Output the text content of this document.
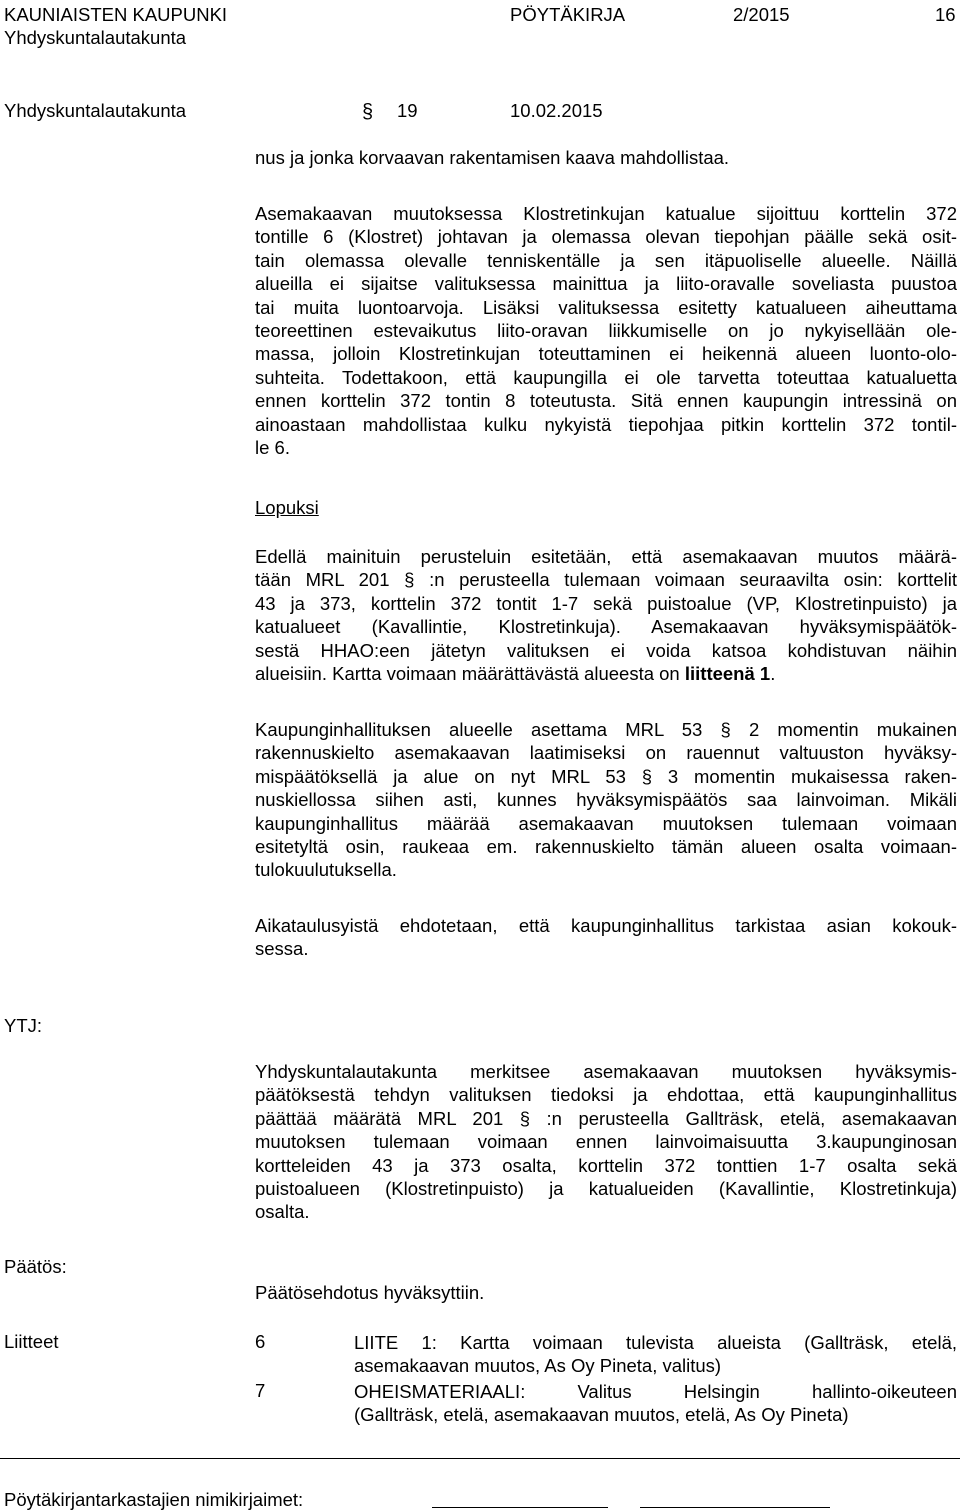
KAUNIAISTEN KAUPUNKI
Yhdyskuntalautakunta
PÖYTÄKIRJA	2/2015	16
Yhdyskuntalautakunta	§ 19	10.02.2015
nus ja jonka korvaavan rakentamisen kaava mahdollistaa.
Asemakaavan muutoksessa Klostretinkujan katualue sijoittuu korttelin 372
tontille 6 (Klostret) johtavan ja olemassa olevan tiepohjan päälle sekä osit-
tain olemassa olevalle tenniskentälle ja sen itäpuoliselle alueelle. Näillä
alueilla ei sijaitse valituksessa mainittua ja liito-oravalle soveliasta puustoa
tai muita luontoarvoja. Lisäksi valituksessa esitetty katualueen aiheuttama
teoreettinen estevaikutus liito-oravan liikkumiselle on jo nykyisellään ole-
massa, jolloin Klostretinkujan toteuttaminen ei heikennä alueen luonto-olo-
suhteita. Todettakoon, että kaupungilla ei ole tarvetta toteuttaa katualuetta
ennen korttelin 372 tontin 8 toteutusta. Sitä ennen kaupungin intressinä on
ainoastaan mahdollistaa kulku nykyistä tiepohjaa pitkin korttelin 372 tontil-
le 6.
Lopuksi
Edellä mainituin perusteluin esitetään, että asemakaavan muutos määrä-
tään MRL 201 § :n perusteella tulemaan voimaan seuraavilta osin: korttelit
43 ja 373, korttelin 372 tontit 1-7 sekä puistoalue (VP, Klostretinpuisto) ja
katualueet (Kavallintie, Klostretinkuja). Asemakaavan hyväksymispäätök-
sestä HHAO:een jätetyn valituksen ei voida katsoa kohdistuvan näihin
alueisiin. Kartta voimaan määrättävästä alueesta on liitteenä 1.
Kaupunginhallituksen alueelle asettama MRL 53 § 2 momentin mukainen
rakennuskielto asemakaavan laatimiseksi on rauennut valtuuston hyväksy-
mispäätöksellä ja alue on nyt MRL 53 § 3 momentin mukaisessa raken-
nuskiellossa siihen asti, kunnes hyväksymispäätös saa lainvoiman. Mikäli
kaupunginhallitus määrää asemakaavan muutoksen tulemaan voimaan
esitetyltä osin, raukeaa em. rakennuskielto tämän alueen osalta voimaan-
tulokuulutuksella.
Aikataulusyistä ehdotetaan, että kaupunginhallitus tarkistaa asian kokouk-
sessa.
YTJ:
Yhdyskuntalautakunta merkitsee asemakaavan muutoksen hyväksymis-
päätöksestä tehdyn valituksen tiedoksi ja ehdottaa, että kaupunginhallitus
päättää määrätä MRL 201 § :n perusteella Gallträsk, etelä, asemakaavan
muutoksen tulemaan voimaan ennen lainvoimaisuutta 3.kaupunginosan
kortteleiden 43 ja 373 osalta, korttelin 372 tonttien 1-7 osalta sekä
puistoalueen (Klostretinpuisto) ja katualueiden (Kavallintie, Klostretinkuja)
osalta.
Päätös:
Päätösehdotus hyväksyttiin.
Liitteet	6	LIITE 1: Kartta voimaan tulevista alueista (Gallträsk, etelä,
asemakaavan muutos, As Oy Pineta, valitus)
7	OHEISMATERIAALI: Valitus Helsingin hallinto-oikeuteen
(Gallträsk, etelä, asemakaavan muutos, etelä, As Oy Pineta)
Pöytäkirjantarkastajien nimikirjaimet:
